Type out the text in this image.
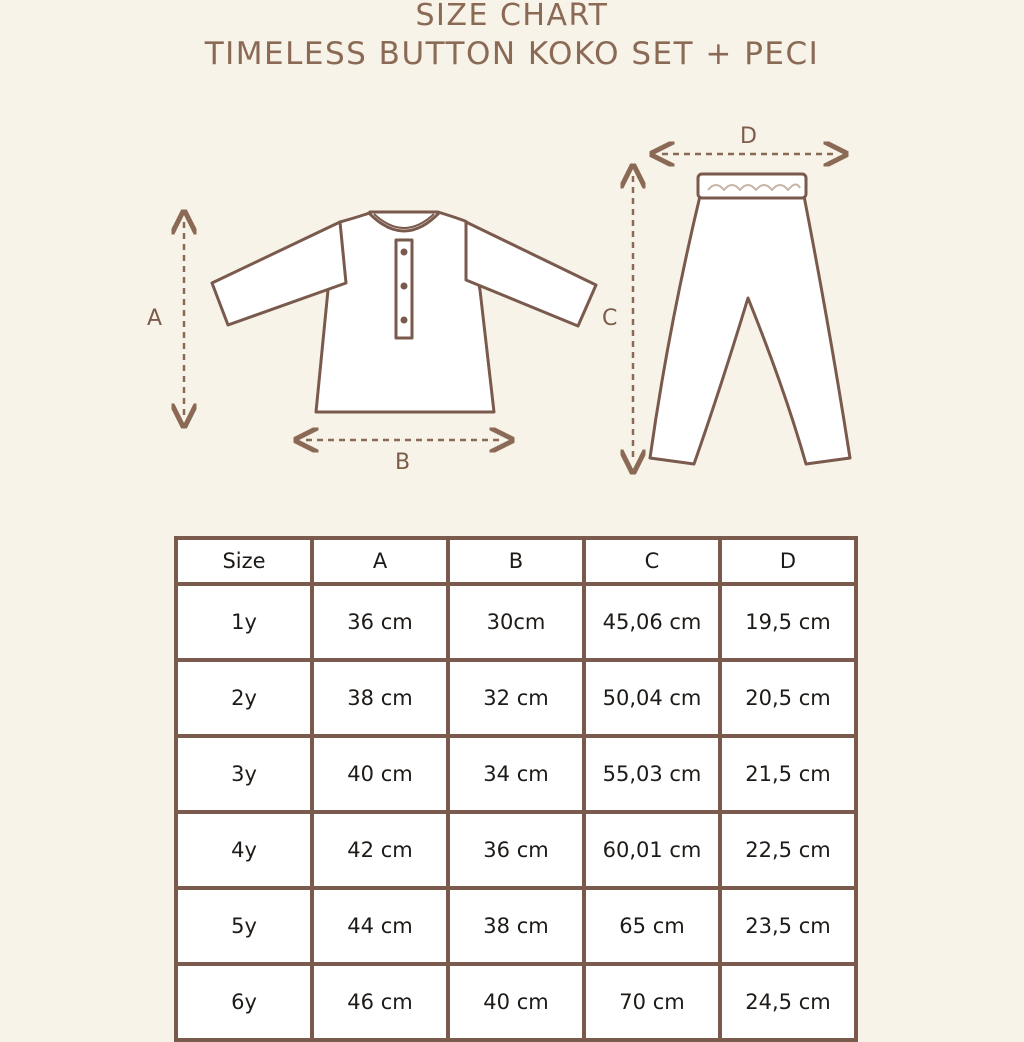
SIZE CHART
TIMELESS BUTTON KOKO SET + PECI
A
B
C
D
Size	A	B	C	D
1y	36 cm	30cm	45,06 cm	19,5 cm
2y	38 cm	32 cm	50,04 cm	20,5 cm
3y	40 cm	34 cm	55,03 cm	21,5 cm
4y	42 cm	36 cm	60,01 cm	22,5 cm
5y	44 cm	38 cm	65 cm	23,5 cm
6y	46 cm	40 cm	70 cm	24,5 cm
